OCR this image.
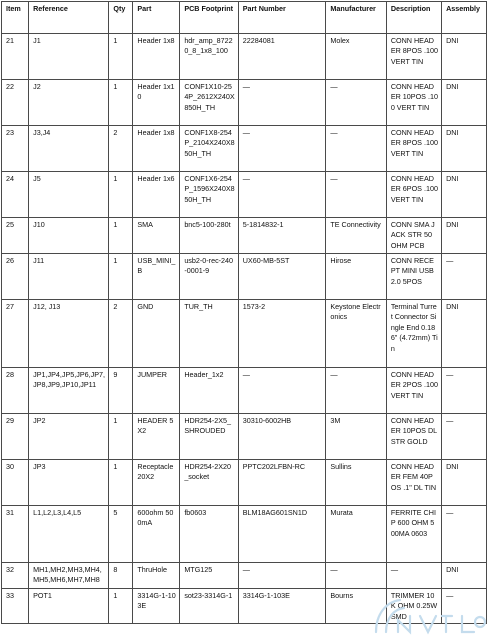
Item	Reference	Qty	Part	PCB Footprint	Part Number	Manufacturer	Description	Assembly
21	J1	1	Header 1x8	hdr_amp_87220_8_1x8_100	22284081	Molex	CONN HEADER 8POS .100 VERT TIN	DNI
22	J2	1	Header 1x10	CONF1X10-254P_2612X240X850H_TH	—	—	CONN HEADER 10POS .100 VERT TIN	DNI
23	J3,J4	2	Header 1x8	CONF1X8-254P_2104X240X850H_TH	—	—	CONN HEADER 8POS .100 VERT TIN	DNI
24	J5	1	Header 1x6	CONF1X6-254P_1596X240X850H_TH	—	—	CONN HEADER 6POS .100 VERT TIN	DNI
25	J10	1	SMA	bnc5-100-280t	5-1814832-1	TE Connectivity	CONN SMA JACK STR 50 OHM PCB	DNI
26	J11	1	USB_MINI_B	usb2-0-rec-240-0001-9	UX60-MB-5ST	Hirose	CONN RECEPT MINI USB2.0 5POS	—
27	J12, J13	2	GND	TUR_TH	1573-2	Keystone Electronics	Terminal Turret Connector Single End 0.186" (4.72mm) Tin	DNI
28	JP1,JP4,JP5,JP6,JP7,JP8,JP9,JP10,JP11	9	JUMPER	Header_1x2	—	—	CONN HEADER 2POS .100 VERT TIN	—
29	JP2	1	HEADER 5X2	HDR254-2X5_SHROUDED	30310-6002HB	3M	CONN HEADER 10POS DL STR GOLD	—
30	JP3	1	Receptacle 20X2	HDR254-2X20_socket	PPTC202LFBN-RC	Sullins	CONN HEADER FEM 40POS .1" DL TIN	DNI
31	L1,L2,L3,L4,L5	5	600ohm 500mA	fb0603	BLM18AG601SN1D	Murata	FERRITE CHIP 600 OHM 500MA 0603	—
32	MH1,MH2,MH3,MH4,MH5,MH6,MH7,MH8	8	ThruHole	MTG125	—	—	—	DNI
33	POT1	1	3314G-1-103E	sot23-3314G-1	3314G-1-103E	Bourns	TRIMMER 10K OHM 0.25W SMD	—
